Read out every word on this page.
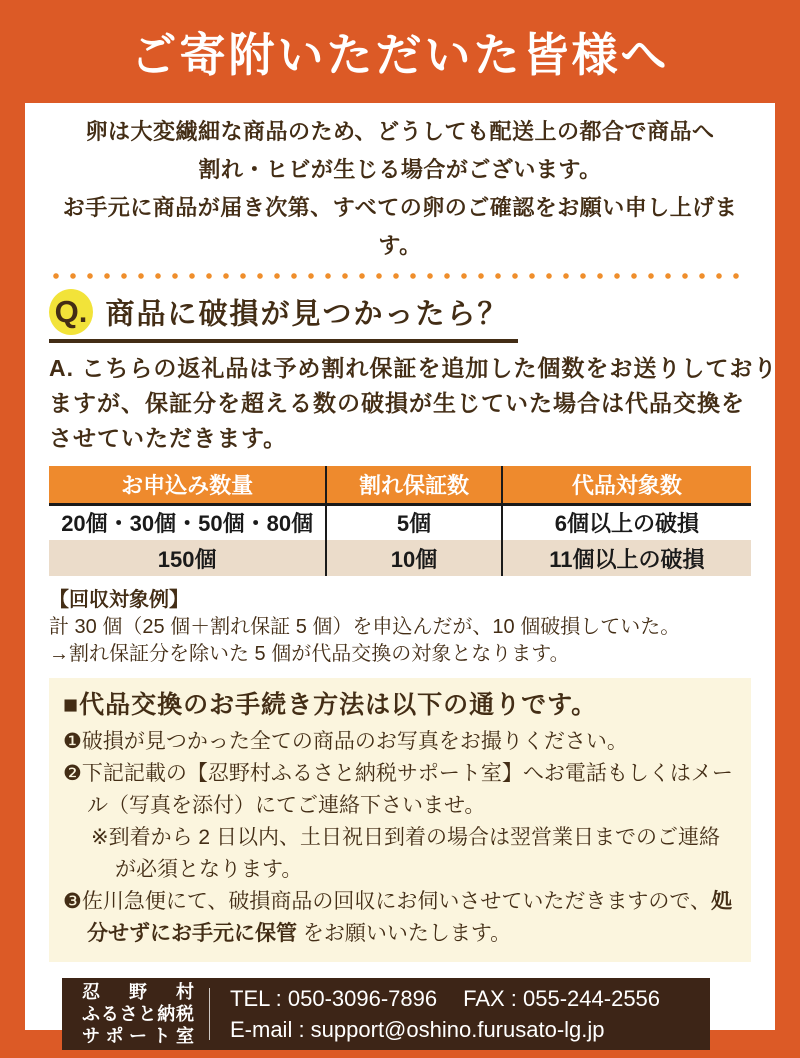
ご寄附いただいた皆様へ
卵は大変繊細な商品のため、どうしても配送上の都合で商品へ
割れ・ヒビが生じる場合がございます。
お手元に商品が届き次第、すべての卵のご確認をお願い申し上げます。
Q. 商品に破損が見つかったら？
A. こちらの返礼品は予め割れ保証を追加した個数をお送りしており
ますが、保証分を超える数の破損が生じていた場合は代品交換を
させていただきます。
お申込み数量	割れ保証数	代品対象数
20個・30個・50個・80個	5個	6個以上の破損
150個	10個	11個以上の破損
【回収対象例】
計 30 個（25 個＋割れ保証 5 個）を申込んだが、10 個破損していた。
→割れ保証分を除いた 5 個が代品交換の対象となります。
■代品交換のお手続き方法は以下の通りです。
❶破損が見つかった全ての商品のお写真をお撮りください。
❷下記記載の【忍野村ふるさと納税サポート室】へお電話もしくはメール（写真を添付）にてご連絡下さいませ。
※到着から 2 日以内、土日祝日到着の場合は翌営業日までのご連絡が必須となります。
❸佐川急便にて、破損商品の回収にお伺いさせていただきますので、処分せずにお手元に保管 をお願いいたします。
忍野村
ふるさと納税
サポート室
TEL : 050-3096-7896 FAX : 055-244-2556
E-mail : support@oshino.furusato-lg.jp
